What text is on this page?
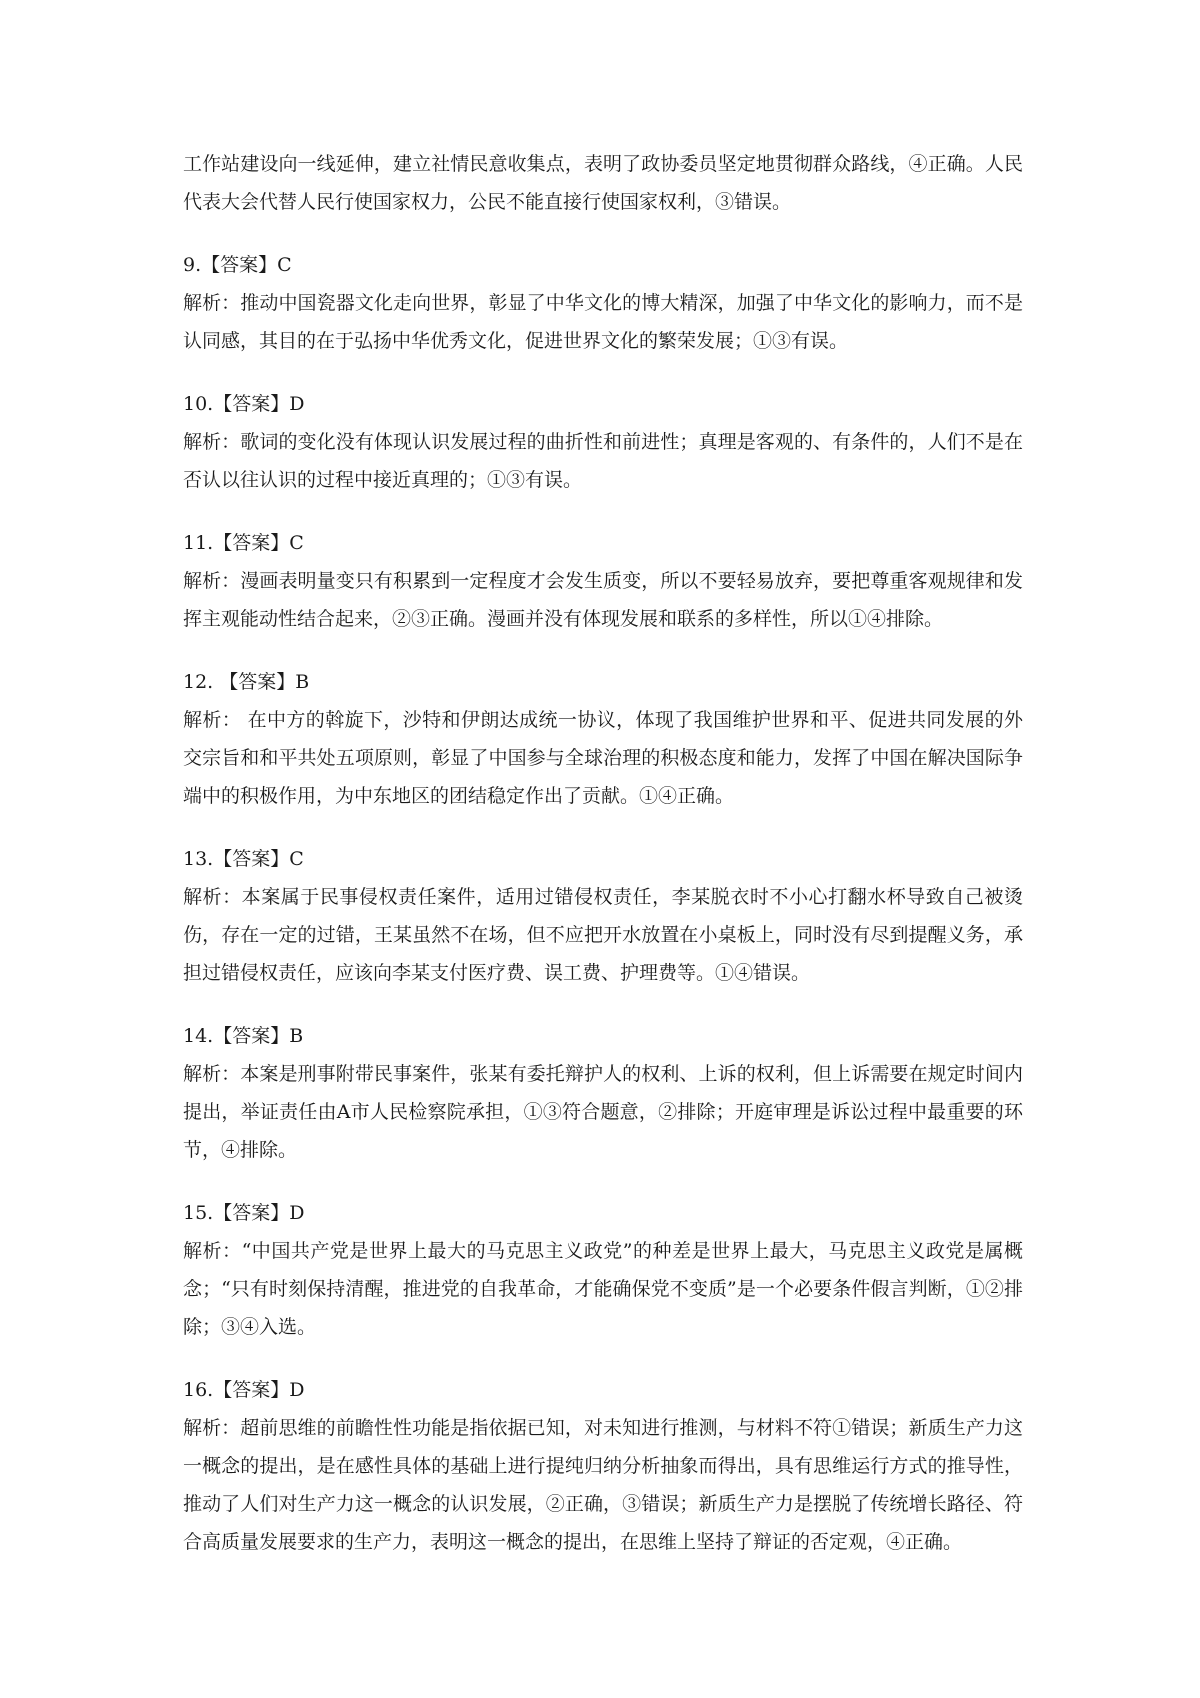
工作站建设向一线延伸，建立社情民意收集点，表明了政协委员坚定地贯彻群众路线，④正确。人民代表大会代替人民行使国家权力，公民不能直接行使国家权利，③错误。

9.【答案】C

解析：推动中国瓷器文化走向世界，彰显了中华文化的博大精深，加强了中华文化的影响力，而不是认同感，其目的在于弘扬中华优秀文化，促进世界文化的繁荣发展；①③有误。

10.【答案】D

解析：歌词的变化没有体现认识发展过程的曲折性和前进性；真理是客观的、有条件的，人们不是在否认以往认识的过程中接近真理的；①③有误。

11.【答案】C

解析：漫画表明量变只有积累到一定程度才会发生质变，所以不要轻易放弃，要把尊重客观规律和发挥主观能动性结合起来，②③正确。漫画并没有体现发展和联系的多样性，所以①④排除。

12. 【答案】B

解析： 在中方的斡旋下，沙特和伊朗达成统一协议，体现了我国维护世界和平、促进共同发展的外交宗旨和和平共处五项原则，彰显了中国参与全球治理的积极态度和能力，发挥了中国在解决国际争端中的积极作用，为中东地区的团结稳定作出了贡献。①④正确。

13.【答案】C

解析：本案属于民事侵权责任案件，适用过错侵权责任，李某脱衣时不小心打翻水杯导致自己被烫伤，存在一定的过错，王某虽然不在场，但不应把开水放置在小桌板上，同时没有尽到提醒义务，承担过错侵权责任，应该向李某支付医疗费、误工费、护理费等。①④错误。

14.【答案】B

解析：本案是刑事附带民事案件，张某有委托辩护人的权利、上诉的权利，但上诉需要在规定时间内提出，举证责任由A市人民检察院承担，①③符合题意，②排除；开庭审理是诉讼过程中最重要的环节，④排除。

15.【答案】D

解析：“中国共产党是世界上最大的马克思主义政党”的种差是世界上最大，马克思主义政党是属概念；“只有时刻保持清醒，推进党的自我革命，才能确保党不变质”是一个必要条件假言判断，①②排除；③④入选。

16.【答案】D

解析：超前思维的前瞻性性功能是指依据已知，对未知进行推测，与材料不符①错误；新质生产力这一概念的提出，是在感性具体的基础上进行提纯归纳分析抽象而得出，具有思维运行方式的推导性，推动了人们对生产力这一概念的认识发展，②正确，③错误；新质生产力是摆脱了传统增长路径、符合高质量发展要求的生产力，表明这一概念的提出，在思维上坚持了辩证的否定观，④正确。
